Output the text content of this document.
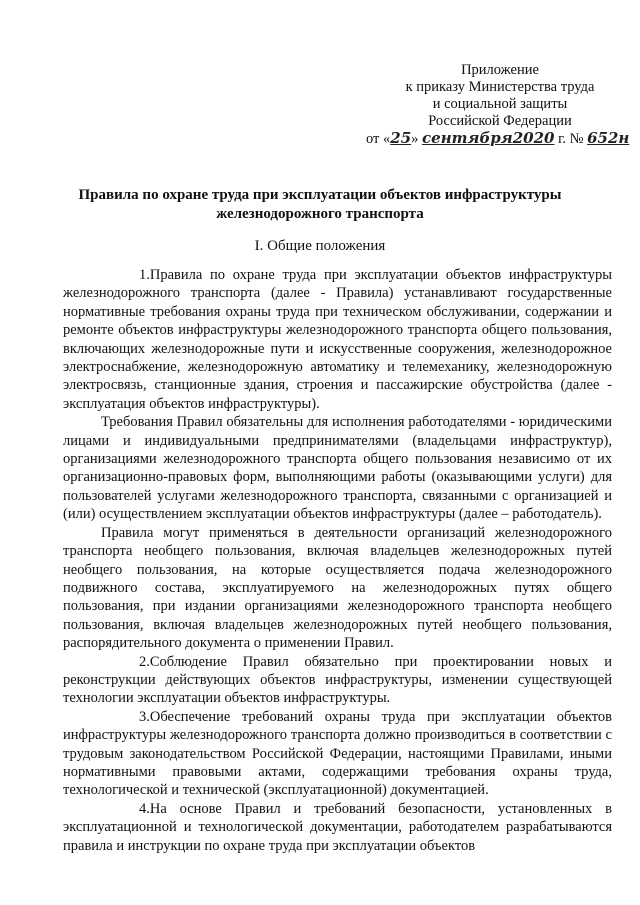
Приложение
к приказу Министерства труда
и социальной защиты
Российской Федерации
от «25» сентября2020 г. № 652н
Правила по охране труда при эксплуатации объектов инфраструктуры
железнодорожного транспорта
I. Общие положения

1.Правила по охране труда при эксплуатации объектов инфраструктуры железнодорожного транспорта (далее - Правила) устанавливают государственные нормативные требования охраны труда при техническом обслуживании, содержании и ремонте объектов инфраструктуры железнодорожного транспорта общего пользования, включающих железнодорожные пути и искусственные сооружения, железнодорожное электроснабжение, железнодорожную автоматику и телемеханику, железнодорожную электросвязь, станционные здания, строения и пассажирские обустройства (далее - эксплуатация объектов инфраструктуры).

Требования Правил обязательны для исполнения работодателями - юридическими лицами и индивидуальными предпринимателями (владельцами инфраструктур), организациями железнодорожного транспорта общего пользования независимо от их организационно-правовых форм, выполняющими работы (оказывающими услуги) для пользователей услугами железнодорожного транспорта, связанными с организацией и (или) осуществлением эксплуатации объектов инфраструктуры (далее – работодатель).

Правила могут применяться в деятельности организаций железнодорожного транспорта необщего пользования, включая владельцев железнодорожных путей необщего пользования, на которые осуществляется подача железнодорожного подвижного состава, эксплуатируемого на железнодорожных путях общего пользования, при издании организациями железнодорожного транспорта необщего пользования, включая владельцев железнодорожных путей необщего пользования, распорядительного документа о применении Правил.

2.Соблюдение Правил обязательно при проектировании новых и реконструкции действующих объектов инфраструктуры, изменении существующей технологии эксплуатации объектов инфраструктуры.

3.Обеспечение требований охраны труда при эксплуатации объектов инфраструктуры железнодорожного транспорта должно производиться в соответствии с трудовым законодательством Российской Федерации, настоящими Правилами, иными нормативными правовыми актами, содержащими требования охраны труда, технологической и технической (эксплуатационной) документацией.

4.На основе Правил и требований безопасности, установленных в эксплуатационной и технологической документации, работодателем разрабатываются правила и инструкции по охране труда при эксплуатации объектов
